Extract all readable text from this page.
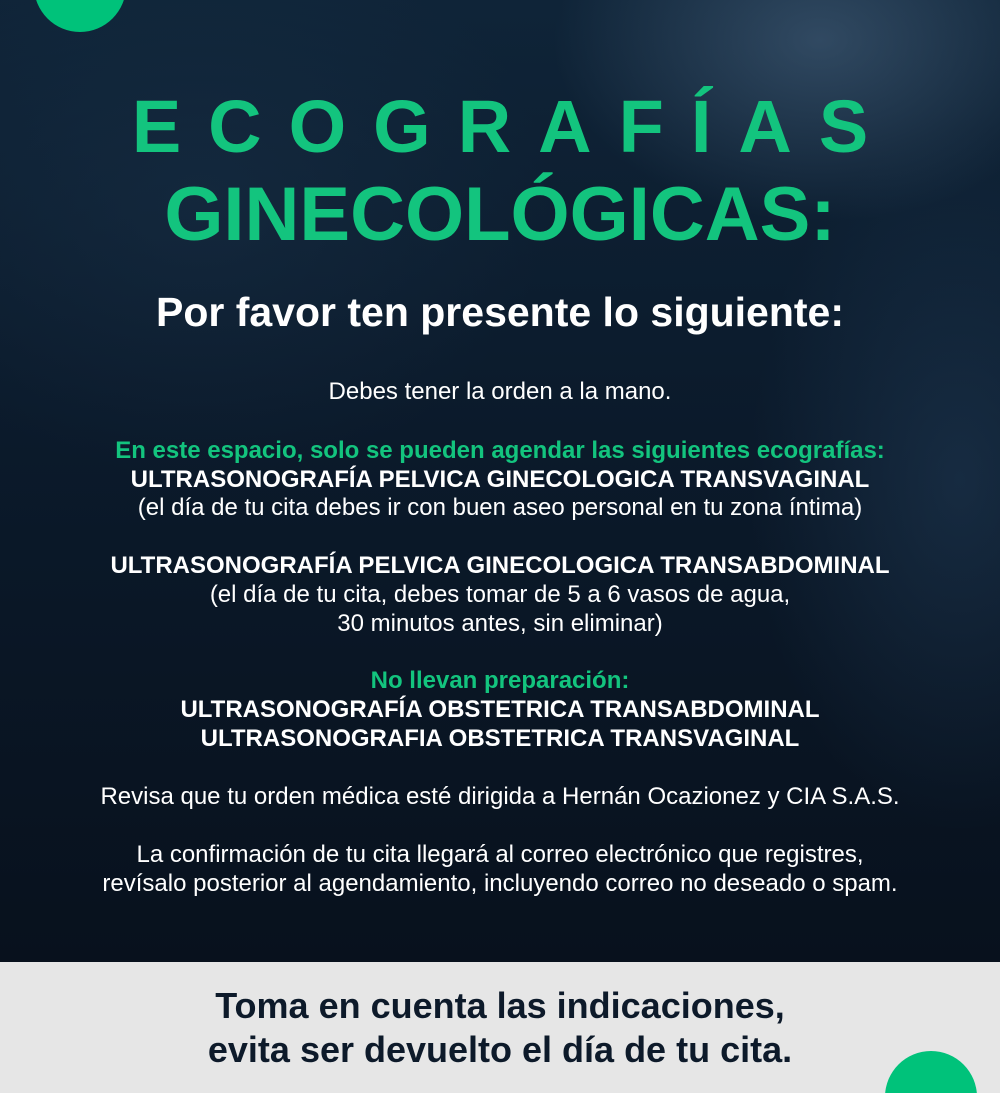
ECOGRAFÍAS
GINECOLÓGICAS:
Por favor ten presente lo siguiente:
Debes tener la orden a la mano.
En este espacio, solo se pueden agendar las siguientes ecografías:
ULTRASONOGRAFÍA PELVICA GINECOLOGICA TRANSVAGINAL
(el día de tu cita debes ir con buen aseo personal en tu zona íntima)
ULTRASONOGRAFÍA PELVICA GINECOLOGICA TRANSABDOMINAL
(el día de tu cita, debes tomar de 5 a 6 vasos de agua,
30 minutos antes, sin eliminar)
No llevan preparación:
ULTRASONOGRAFÍA OBSTETRICA TRANSABDOMINAL
ULTRASONOGRAFIA OBSTETRICA TRANSVAGINAL
Revisa que tu orden médica esté dirigida a Hernán Ocazionez y CIA S.A.S.
La confirmación de tu cita llegará al correo electrónico que registres,
revísalo posterior al agendamiento, incluyendo correo no deseado o spam.
Toma en cuenta las indicaciones,
evita ser devuelto el día de tu cita.
